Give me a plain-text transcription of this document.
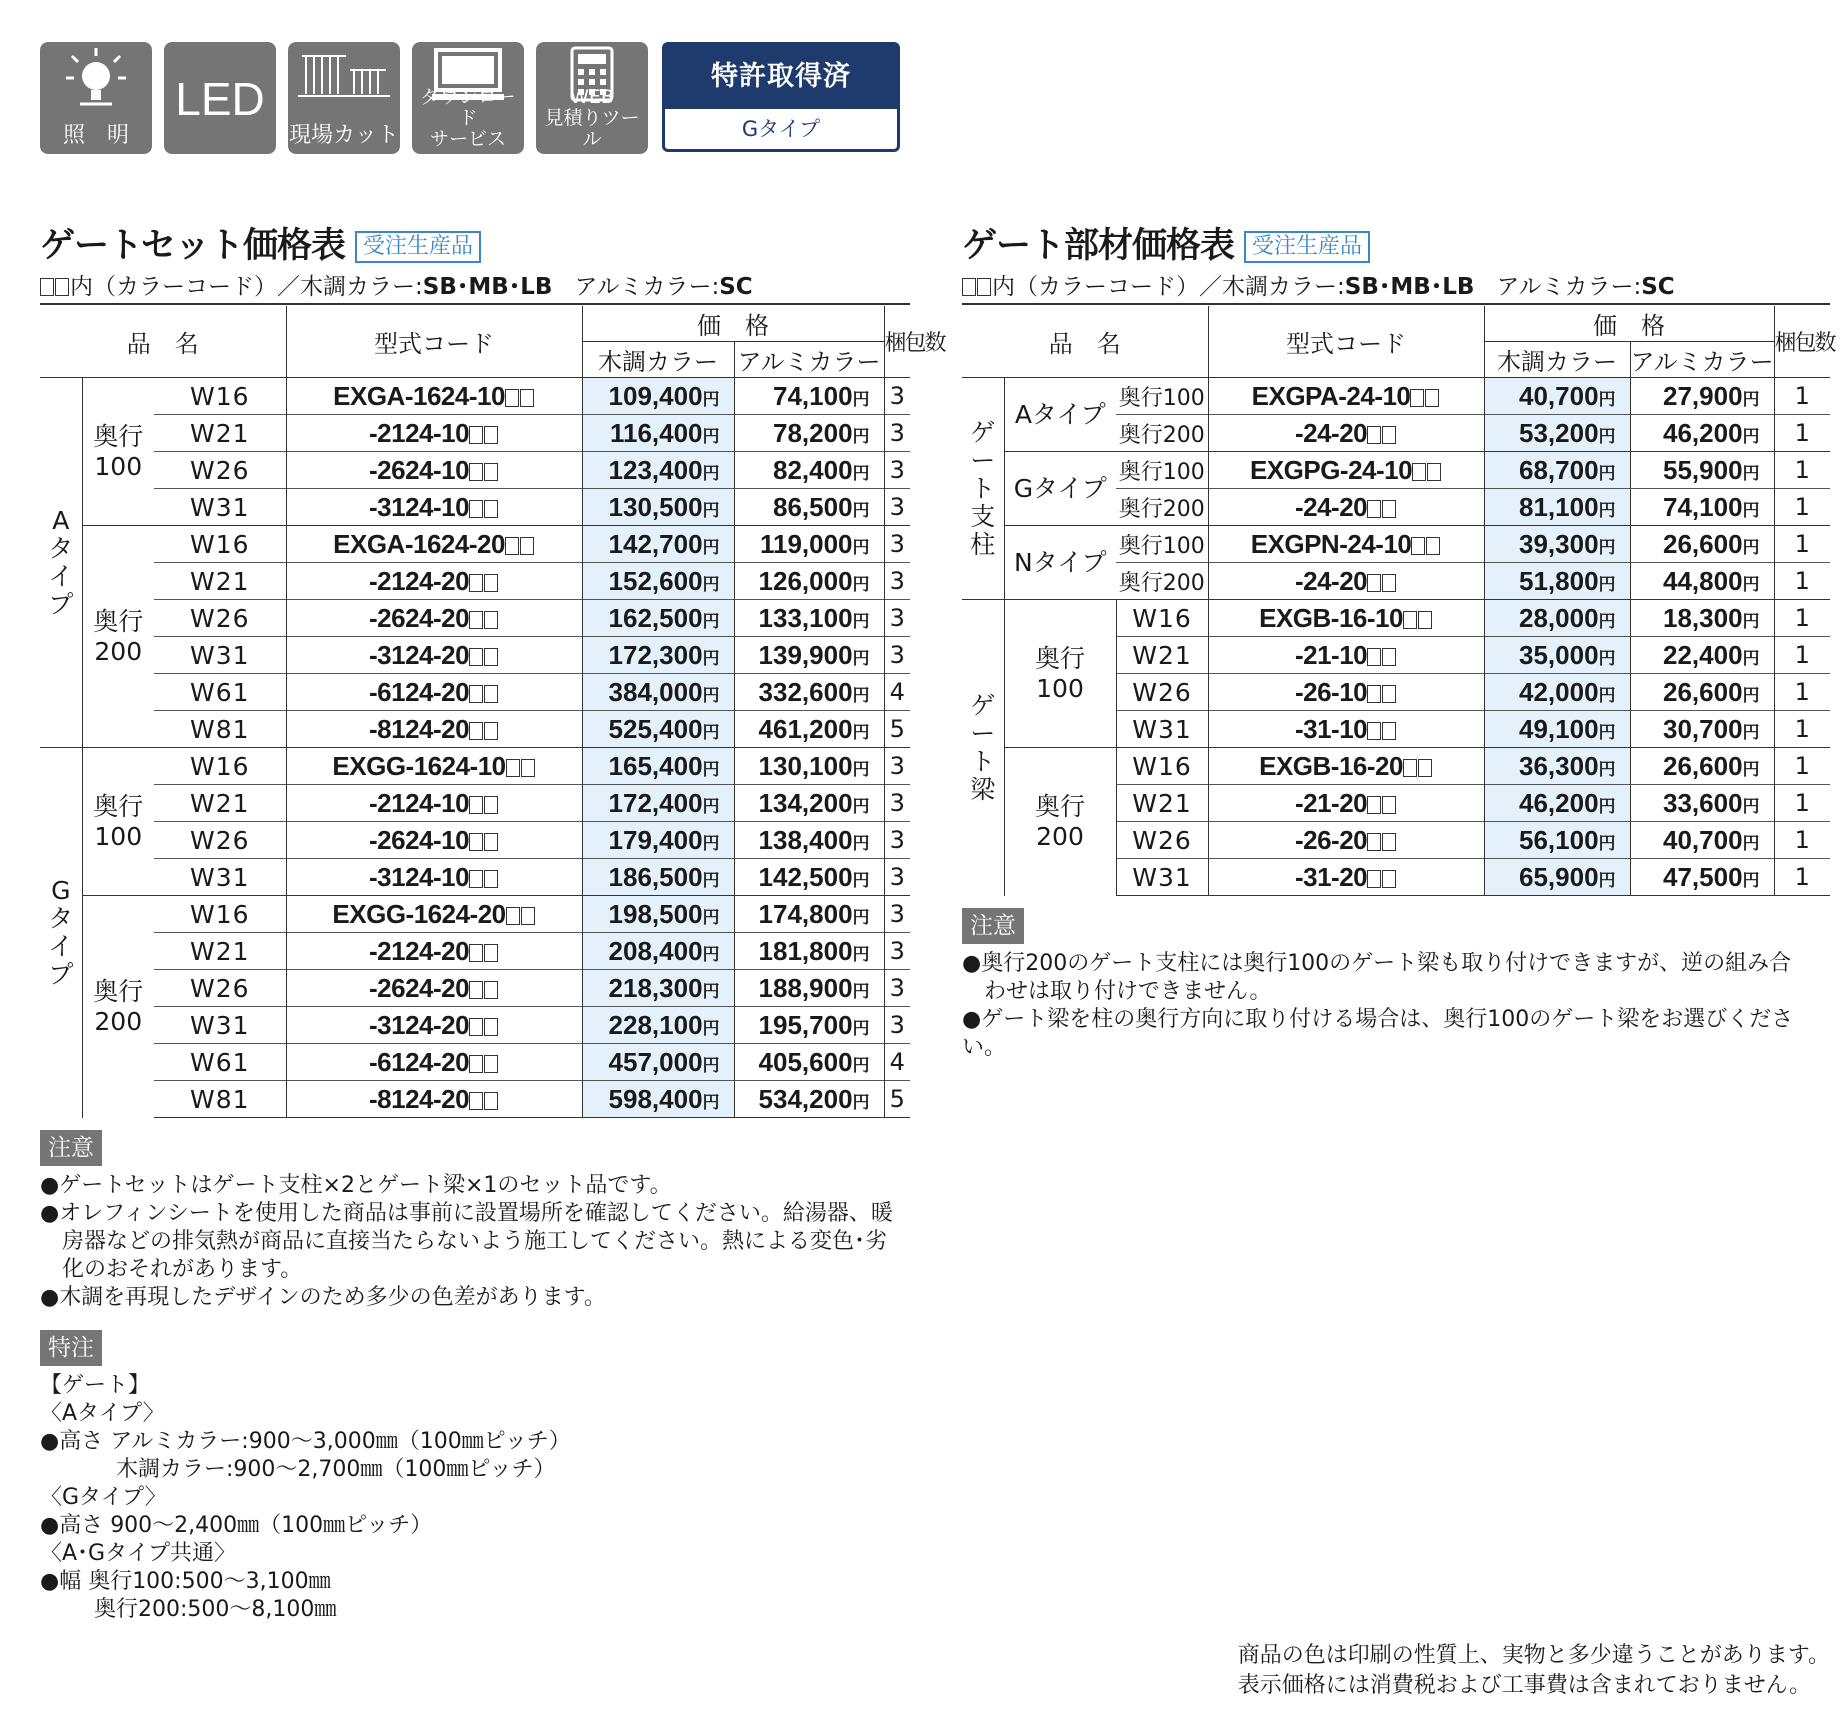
照　明
LED
現場カット
ダウンロード
サービス
WEB
見積りツール
特許取得済
Gタイプ
ゲートセット価格表 受注生産品
内（カラーコード）／木調カラー:SB･MB･LB アルミカラー:SC
品　名			型式コード	価　格		梱包数
				木調カラー	アルミカラー	

A
タ
イ
プ	奥行
100	W16	EXGA-1624-10	109,400円	74,100円	3
		W21	-2124-10	116,400円	78,200円	3
		W26	-2624-10	123,400円	82,400円	3
		W31	-3124-10	130,500円	86,500円	3
	奥行
200	W16	EXGA-1624-20	142,700円	119,000円	3
		W21	-2124-20	152,600円	126,000円	3
		W26	-2624-20	162,500円	133,100円	3
		W31	-3124-20	172,300円	139,900円	3
		W61	-6124-20	384,000円	332,600円	4
		W81	-8124-20	525,400円	461,200円	5

G
タ
イ
プ	奥行
100	W16	EXGG-1624-10	165,400円	130,100円	3
		W21	-2124-10	172,400円	134,200円	3
		W26	-2624-10	179,400円	138,400円	3
		W31	-3124-10	186,500円	142,500円	3
	奥行
200	W16	EXGG-1624-20	198,500円	174,800円	3
		W21	-2124-20	208,400円	181,800円	3
		W26	-2624-20	218,300円	188,900円	3
		W31	-3124-20	228,100円	195,700円	3
		W61	-6124-20	457,000円	405,600円	4
		W81	-8124-20	598,400円	534,200円	5
ゲート部材価格表 受注生産品
内（カラーコード）／木調カラー:SB･MB･LB アルミカラー:SC
品　名			型式コード	価　格		梱包数
				木調カラー	アルミカラー	

ゲ
ー
ト
支
柱	Aタイプ	奥行100	EXGPA-24-10	40,700円	27,900円	1
		奥行200	-24-20	53,200円	46,200円	1
	Gタイプ	奥行100	EXGPG-24-10	68,700円	55,900円	1
		奥行200	-24-20	81,100円	74,100円	1
	Nタイプ	奥行100	EXGPN-24-10	39,300円	26,600円	1
		奥行200	-24-20	51,800円	44,800円	1

ゲ
ー
ト
梁	奥行
100	W16	EXGB-16-10	28,000円	18,300円	1
		W21	-21-10	35,000円	22,400円	1
		W26	-26-10	42,000円	26,600円	1
		W31	-31-10	49,100円	30,700円	1
	奥行
200	W16	EXGB-16-20	36,300円	26,600円	1
		W21	-21-20	46,200円	33,600円	1
		W26	-26-20	56,100円	40,700円	1
		W31	-31-20	65,900円	47,500円	1
注意

●ゲートセットはゲート支柱×2とゲート梁×1のセット品です。

●オレフィンシートを使用した商品は事前に設置場所を確認してください。給湯器、暖

房器などの排気熱が商品に直接当たらないよう施工してください。熱による変色･劣

化のおそれがあります。

●木調を再現したデザインのため多少の色差があります。

特注

【ゲート】

〈Aタイプ〉

●高さ アルミカラー:900～3,000㎜（100㎜ピッチ）

木調カラー:900～2,700㎜（100㎜ピッチ）

〈Gタイプ〉

●高さ 900～2,400㎜（100㎜ピッチ）

〈A･Gタイプ共通〉

●幅 奥行100:500～3,100㎜

奥行200:500～8,100㎜

注意

●奥行200のゲート支柱には奥行100のゲート梁も取り付けできますが、逆の組み合

わせは取り付けできません。

●ゲート梁を柱の奥行方向に取り付ける場合は、奥行100のゲート梁をお選びください。

商品の色は印刷の性質上、実物と多少違うことがあります。
表示価格には消費税および工事費は含まれておりません。
